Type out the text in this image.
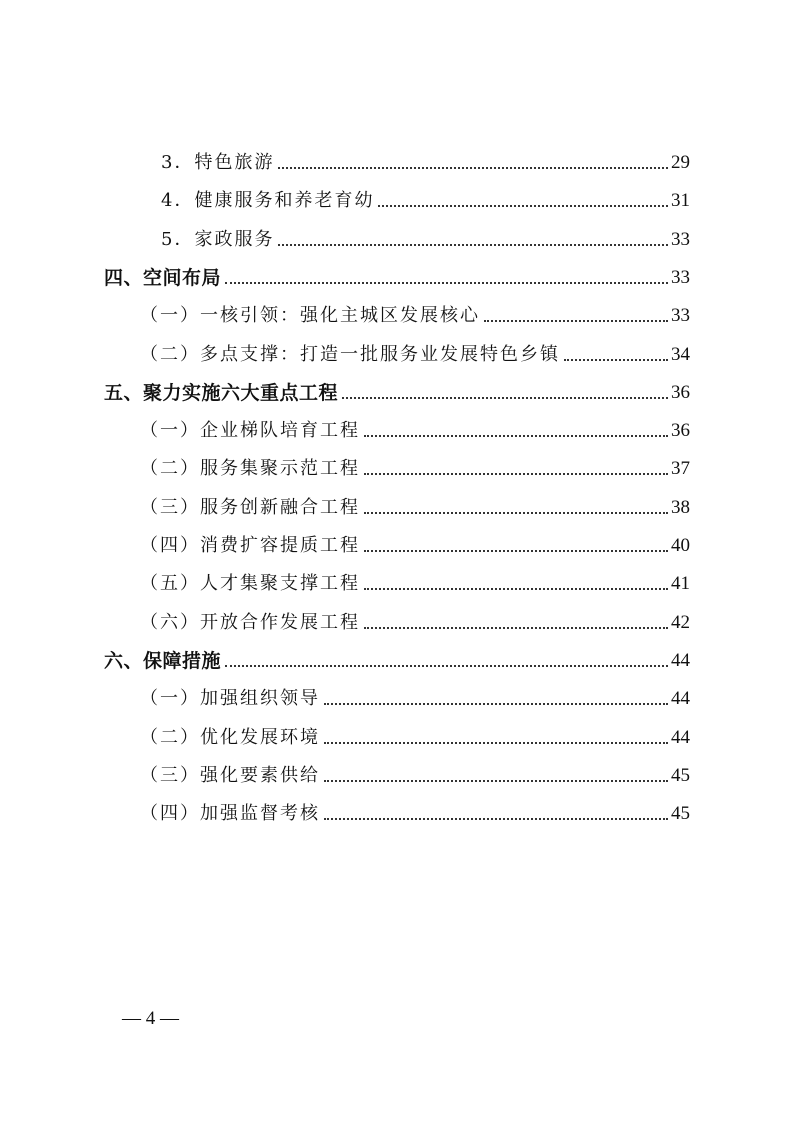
3．特色旅游	29
4．健康服务和养老育幼	31
5．家政服务	33
四、空间布局	33
（一）一核引领：强化主城区发展核心	33
（二）多点支撑：打造一批服务业发展特色乡镇	34
五、聚力实施六大重点工程	36
（一）企业梯队培育工程	36
（二）服务集聚示范工程	37
（三）服务创新融合工程	38
（四）消费扩容提质工程	40
（五）人才集聚支撑工程	41
（六）开放合作发展工程	42
六、保障措施	44
（一）加强组织领导	44
（二）优化发展环境	44
（三）强化要素供给	45
（四）加强监督考核	45
— 4 —
